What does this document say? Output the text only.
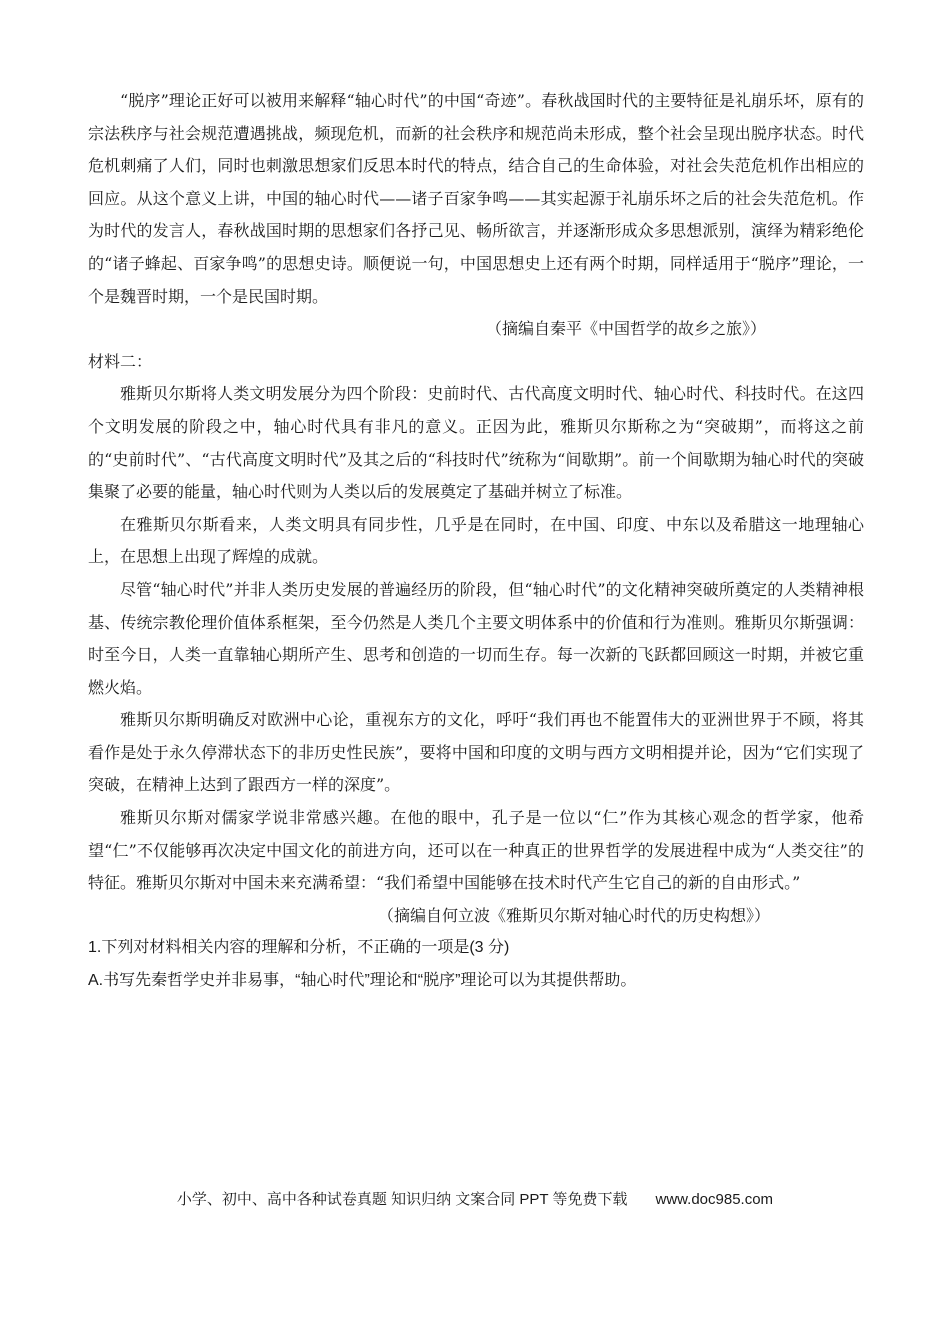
“脱序”理论正好可以被用来解释“轴心时代”的中国“奇迹”。春秋战国时代的主要特征是礼崩乐坏，原有的宗法秩序与社会规范遭遇挑战，频现危机，而新的社会秩序和规范尚未形成，整个社会呈现出脱序状态。时代危机刺痛了人们，同时也刺激思想家们反思本时代的特点，结合自己的生命体验，对社会失范危机作出相应的回应。从这个意义上讲，中国的轴心时代——诸子百家争鸣——其实起源于礼崩乐坏之后的社会失范危机。作为时代的发言人，春秋战国时期的思想家们各抒己见、畅所欲言，并逐渐形成众多思想派别，演绎为精彩绝伦的“诸子蜂起、百家争鸣”的思想史诗。顺便说一句，中国思想史上还有两个时期，同样适用于“脱序”理论，一个是魏晋时期，一个是民国时期。

（摘编自秦平《中国哲学的故乡之旅》）

材料二：

雅斯贝尔斯将人类文明发展分为四个阶段：史前时代、古代高度文明时代、轴心时代、科技时代。在这四个文明发展的阶段之中，轴心时代具有非凡的意义。正因为此，雅斯贝尔斯称之为“突破期”，而将这之前的“史前时代”、“古代高度文明时代”及其之后的“科技时代”统称为“间歇期”。前一个间歇期为轴心时代的突破集聚了必要的能量，轴心时代则为人类以后的发展奠定了基础并树立了标准。

在雅斯贝尔斯看来，人类文明具有同步性，几乎是在同时，在中国、印度、中东以及希腊这一地理轴心上，在思想上出现了辉煌的成就。

尽管“轴心时代”并非人类历史发展的普遍经历的阶段，但“轴心时代”的文化精神突破所奠定的人类精神根基、传统宗教伦理价值体系框架，至今仍然是人类几个主要文明体系中的价值和行为准则。雅斯贝尔斯强调：时至今日，人类一直靠轴心期所产生、思考和创造的一切而生存。每一次新的飞跃都回顾这一时期，并被它重燃火焰。

雅斯贝尔斯明确反对欧洲中心论，重视东方的文化，呼吁“我们再也不能置伟大的亚洲世界于不顾，将其看作是处于永久停滞状态下的非历史性民族”，要将中国和印度的文明与西方文明相提并论，因为“它们实现了突破，在精神上达到了跟西方一样的深度”。

雅斯贝尔斯对儒家学说非常感兴趣。在他的眼中，孔子是一位以“仁”作为其核心观念的哲学家，他希望“仁”不仅能够再次决定中国文化的前进方向，还可以在一种真正的世界哲学的发展进程中成为“人类交往”的特征。雅斯贝尔斯对中国未来充满希望：“我们希望中国能够在技术时代产生它自己的新的自由形式。”

（摘编自何立波《雅斯贝尔斯对轴心时代的历史构想》）

1.下列对材料相关内容的理解和分析，不正确的一项是(3 分)

A.书写先秦哲学史并非易事，“轴心时代”理论和“脱序”理论可以为其提供帮助。

小学、初中、高中各种试卷真题 知识归纳 文案合同 PPT 等免费下载 www.doc985.com
